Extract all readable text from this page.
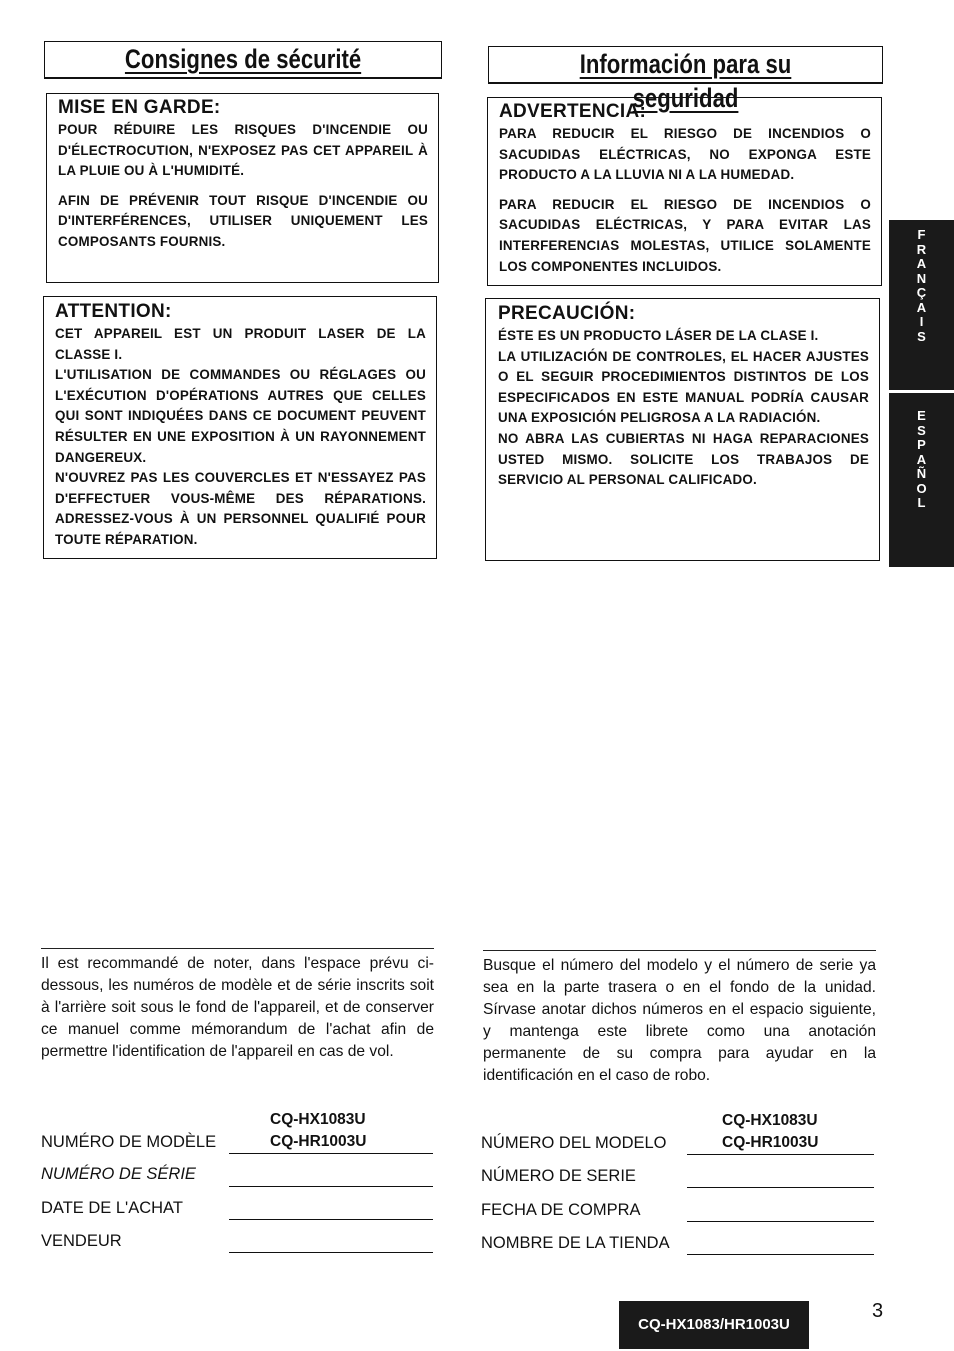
Consignes de sécurité

MISE EN GARDE:

POUR RÉDUIRE LES RISQUES D'INCENDIE OU D'ÉLECTROCUTION, N'EXPOSEZ PAS CET APPAREIL À LA PLUIE OU À L'HUMIDITÉ.

AFIN DE PRÉVENIR TOUT RISQUE D'INCENDIE OU D'INTERFÉRENCES, UTILISER UNIQUEMENT LES COMPOSANTS FOURNIS.

ATTENTION:

CET APPAREIL EST UN PRODUIT LASER DE LA CLASSE I.

L'UTILISATION DE COMMANDES OU RÉGLAGES OU L'EXÉCUTION D'OPÉRATIONS AUTRES QUE CELLES QUI SONT INDIQUÉES DANS CE DOCUMENT PEUVENT RÉSULTER EN UNE EXPOSITION À UN RAYONNEMENT DANGEREUX.

N'OUVREZ PAS LES COUVERCLES ET N'ESSAYEZ PAS D'EFFECTUER VOUS-MÊME DES RÉPARATIONS. ADRESSEZ-VOUS À UN PERSONNEL QUALIFIÉ POUR TOUTE RÉPARATION.

Il est recommandé de noter, dans l'espace prévu ci-dessous, les numéros de modèle et de série inscrits soit à l'arrière soit sous le fond de l'appareil, et de conserver ce manuel comme mémorandum de l'achat afin de permettre l'identification de l'appareil en cas de vol.
CQ-HX1083U
NUMÉRO DE MODÈLE	CQ-HR1003U
NUMÉRO DE SÉRIE
DATE DE L'ACHAT
VENDEUR
Información para su seguridad

ADVERTENCIA:

PARA REDUCIR EL RIESGO DE INCENDIOS O SACUDIDAS ELÉCTRICAS, NO EXPONGA ESTE PRODUCTO A LA LLUVIA NI A LA HUMEDAD.

PARA REDUCIR EL RIESGO DE INCENDIOS O SACUDIDAS ELÉCTRICAS, Y PARA EVITAR LAS INTERFERENCIAS MOLESTAS, UTILICE SOLAMENTE LOS COMPONENTES INCLUIDOS.

PRECAUCIÓN:

ÉSTE ES UN PRODUCTO LÁSER DE LA CLASE I.

LA UTILIZACIÓN DE CONTROLES, EL HACER AJUSTES O EL SEGUIR PROCEDIMIENTOS DISTINTOS DE LOS ESPECIFICADOS EN ESTE MANUAL PODRÍA CAUSAR UNA EXPOSICIÓN PELIGROSA A LA RADIACIÓN.

NO ABRA LAS CUBIERTAS NI HAGA REPARACIONES USTED MISMO. SOLICITE LOS TRABAJOS DE SERVICIO AL PERSONAL CALIFICADO.

Busque el número del modelo y el número de serie ya sea en la parte trasera o en el fondo de la unidad. Sírvase anotar dichos números en el espacio siguiente, y mantenga este librete como una anotación permanente de su compra para ayudar en la identificación en el caso de robo.
CQ-HX1083U
NÚMERO DEL MODELO	CQ-HR1003U
NÚMERO DE SERIE
FECHA DE COMPRA
NOMBRE DE LA TIENDA
F
R
A
N
Ç
A
I
S
E
S
P
A
Ñ
O
L
CQ-HX1083/HR1003U
3
